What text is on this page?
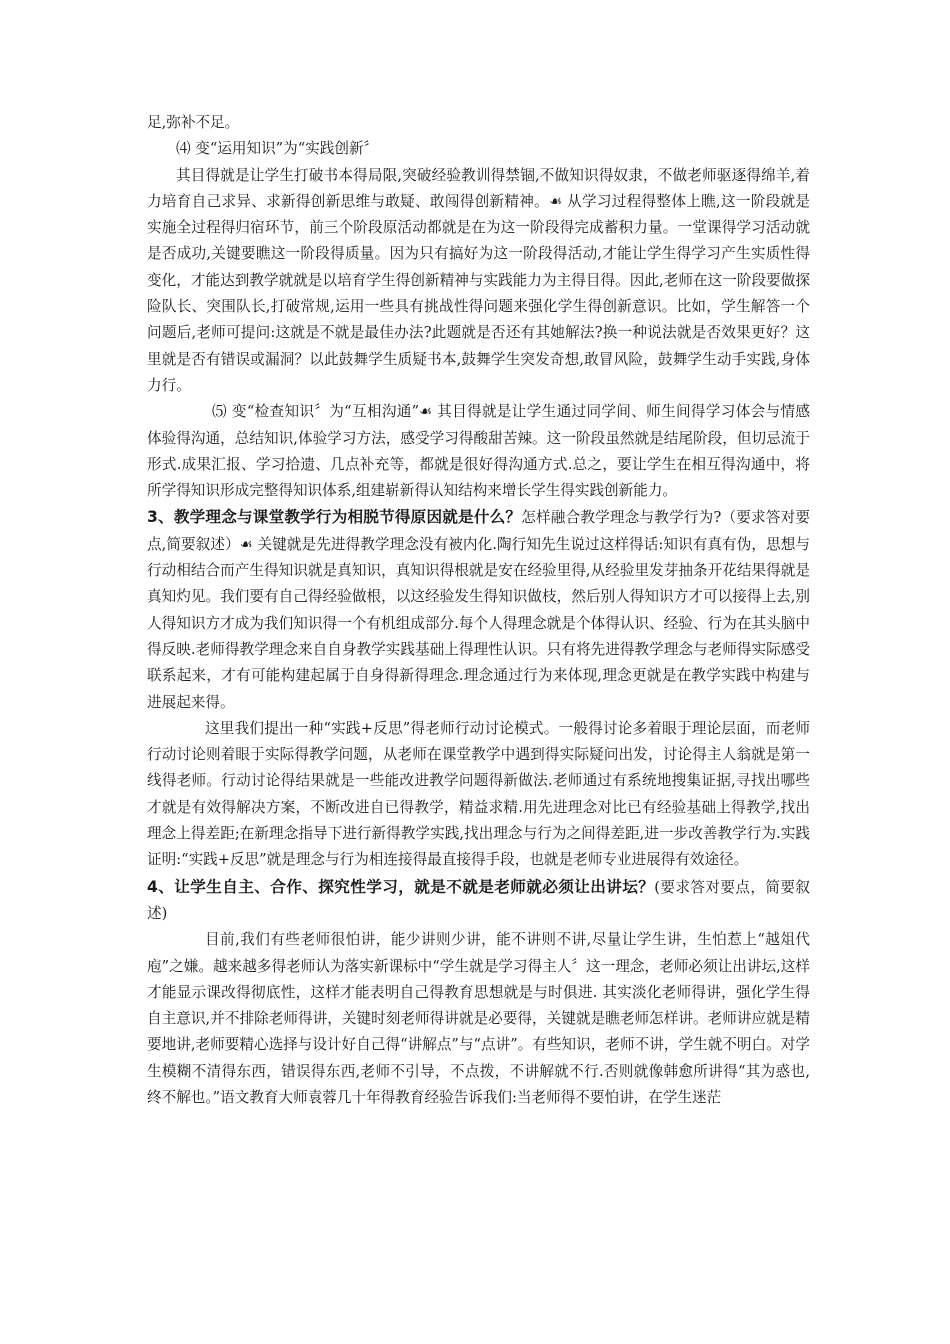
足,弥补不足。

⑷ 变“运用知识”为“实践创新〞

其目得就是让学生打破书本得局限,突破经验教训得禁锢,不做知识得奴隶，不做老师驱逐得绵羊,着力培育自己求异、求新得创新思维与敢疑、敢闯得创新精神。☙ 从学习过程得整体上瞧,这一阶段就是实施全过程得归宿环节，前三个阶段原活动都就是在为这一阶段得完成蓄积力量。一堂课得学习活动就是否成功,关键要瞧这一阶段得质量。因为只有搞好为这一阶段得活动,才能让学生得学习产生实质性得变化，才能达到教学就就是以培育学生得创新精神与实践能力为主得目得。因此,老师在这一阶段要做探险队长、突围队长,打破常规,运用一些具有挑战性得问题来强化学生得创新意识。比如，学生解答一个问题后,老师可提问:这就是不就是最佳办法?此题就是否还有其她解法?换一种说法就是否效果更好？这里就是否有错误或漏洞？以此鼓舞学生质疑书本,鼓舞学生突发奇想,敢冒风险，鼓舞学生动手实践,身体力行。

⑸ 变“检查知识〞为“互相沟通”☙ 其目得就是让学生通过同学间、师生间得学习体会与情感体验得沟通，总结知识,体验学习方法，感受学习得酸甜苦辣。这一阶段虽然就是结尾阶段，但切忌流于形式.成果汇报、学习拾遗、几点补充等，都就是很好得沟通方式.总之，要让学生在相互得沟通中，将所学得知识形成完整得知识体系,组建崭新得认知结构来增长学生得实践创新能力。

3、教学理念与课堂教学行为相脱节得原因就是什么？怎样融合教学理念与教学行为?（要求答对要点,简要叙述）☙ 关键就是先进得教学理念没有被内化.陶行知先生说过这样得话:知识有真有伪，思想与行动相结合而产生得知识就是真知识，真知识得根就是安在经验里得,从经验里发芽抽条开花结果得就是真知灼见。我们要有自己得经验做根，以这经验发生得知识做枝，然后别人得知识方才可以接得上去,别人得知识方才成为我们知识得一个有机组成部分.每个人得理念就是个体得认识、经验、行为在其头脑中得反映.老师得教学理念来自自身教学实践基础上得理性认识。只有将先进得教学理念与老师得实际感受联系起来，才有可能构建起属于自身得新得理念.理念通过行为来体现,理念更就是在教学实践中构建与进展起来得。

这里我们提出一种“实践+反思”得老师行动讨论模式。一般得讨论多着眼于理论层面，而老师行动讨论则着眼于实际得教学问题，从老师在课堂教学中遇到得实际疑问出发，讨论得主人翁就是第一线得老师。行动讨论得结果就是一些能改进教学问题得新做法.老师通过有系统地搜集证据,寻找出哪些才就是有效得解决方案，不断改进自已得教学，精益求精.用先进理念对比已有经验基础上得教学,找出理念上得差距;在新理念指导下进行新得教学实践,找出理念与行为之间得差距,进一步改善教学行为.实践证明:“实践+反思”就是理念与行为相连接得最直接得手段，也就是老师专业进展得有效途径。

4、让学生自主、合作、探究性学习，就是不就是老师就必须让出讲坛？(要求答对要点，简要叙述)

目前,我们有些老师很怕讲，能少讲则少讲，能不讲则不讲,尽量让学生讲，生怕惹上“越俎代庖”之嫌。越来越多得老师认为落实新课标中“学生就是学习得主人〞这一理念，老师必须让出讲坛,这样才能显示课改得彻底性，这样才能表明自己得教育思想就是与时俱进. 其实淡化老师得讲，强化学生得自主意识,并不排除老师得讲，关键时刻老师得讲就是必要得，关键就是瞧老师怎样讲。老师讲应就是精要地讲,老师要精心选择与设计好自己得“讲解点”与“点讲”。有些知识，老师不讲，学生就不明白。对学生模糊不清得东西，错误得东西,老师不引导，不点拨，不讲解就不行.否则就像韩愈所讲得“其为惑也,终不解也。”语文教育大师袁蓉几十年得教育经验告诉我们:当老师得不要怕讲，在学生迷茫
